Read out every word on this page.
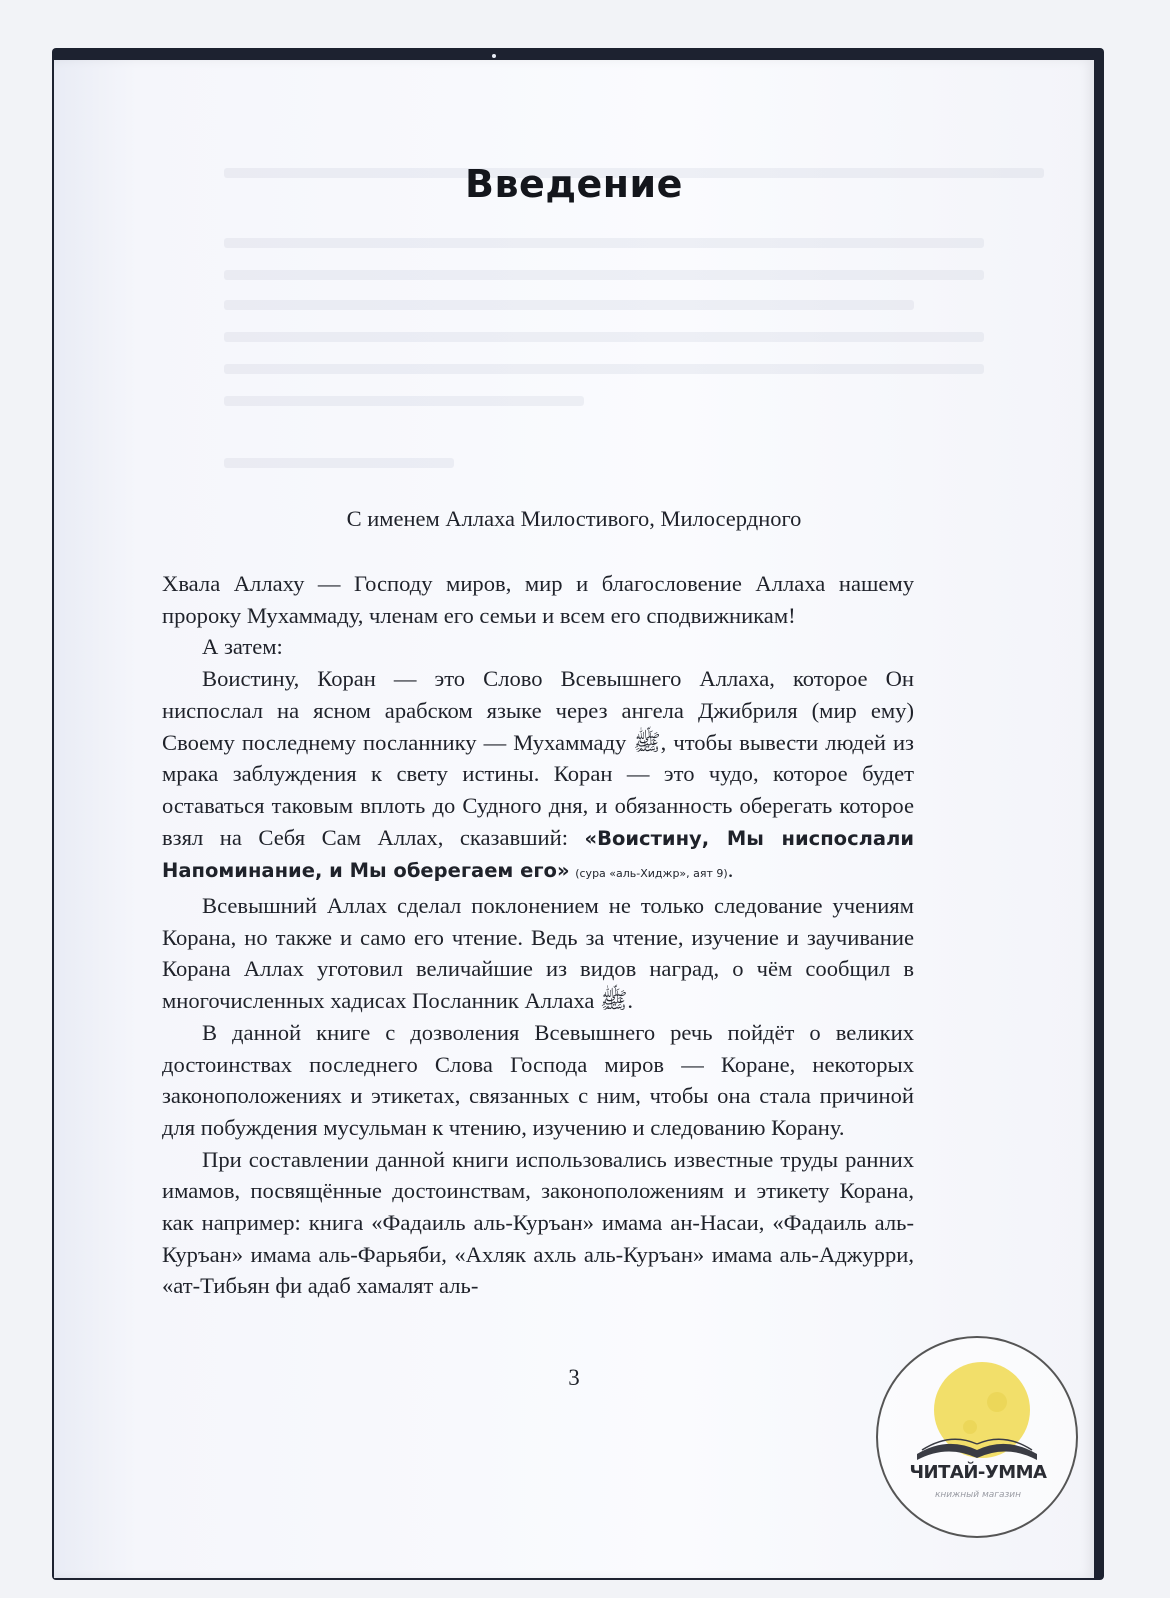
Введение
С именем Аллаха Милостивого, Милосердного

Хвала Аллаху — Господу миров, мир и благословение Аллаха нашему пророку Мухаммаду, членам его семьи и всем его сподвижникам!

А затем:

Воистину, Коран — это Слово Всевышнего Аллаха, которое Он ниспослал на ясном арабском языке через ангела Джибриля (мир ему) Своему последнему посланнику — Мухаммаду ﷺ, чтобы вывести людей из мрака заблуждения к свету истины. Коран — это чудо, которое будет оставаться таковым вплоть до Судного дня, и обязанность оберегать которое взял на Себя Сам Аллах, сказавший: «Воистину, Мы ниспослали Напоминание, и Мы оберегаем его» (сура «аль-Хиджр», аят 9).

Всевышний Аллах сделал поклонением не только следование учениям Корана, но также и само его чтение. Ведь за чтение, изучение и заучивание Корана Аллах уготовил величайшие из видов наград, о чём сообщил в многочисленных хадисах Посланник Аллаха ﷺ.

В данной книге с дозволения Всевышнего речь пойдёт о великих достоинствах последнего Слова Господа миров — Коране, некоторых законоположениях и этикетах, связанных с ним, чтобы она стала причиной для побуждения мусульман к чтению, изучению и следованию Корану.

При составлении данной книги использовались известные труды ранних имамов, посвящённые достоинствам, законоположениям и этикету Корана, как например: книга «Фадаиль аль-Куръан» имама ан-Насаи, «Фадаиль аль-Куръан» имама аль-Фарьяби, «Ахляк ахль аль-Куръан» имама аль-Аджурри, «ат-Тибьян фи адаб хамалят аль-

3
ЧИТАЙ-УММА
книжный магазин
